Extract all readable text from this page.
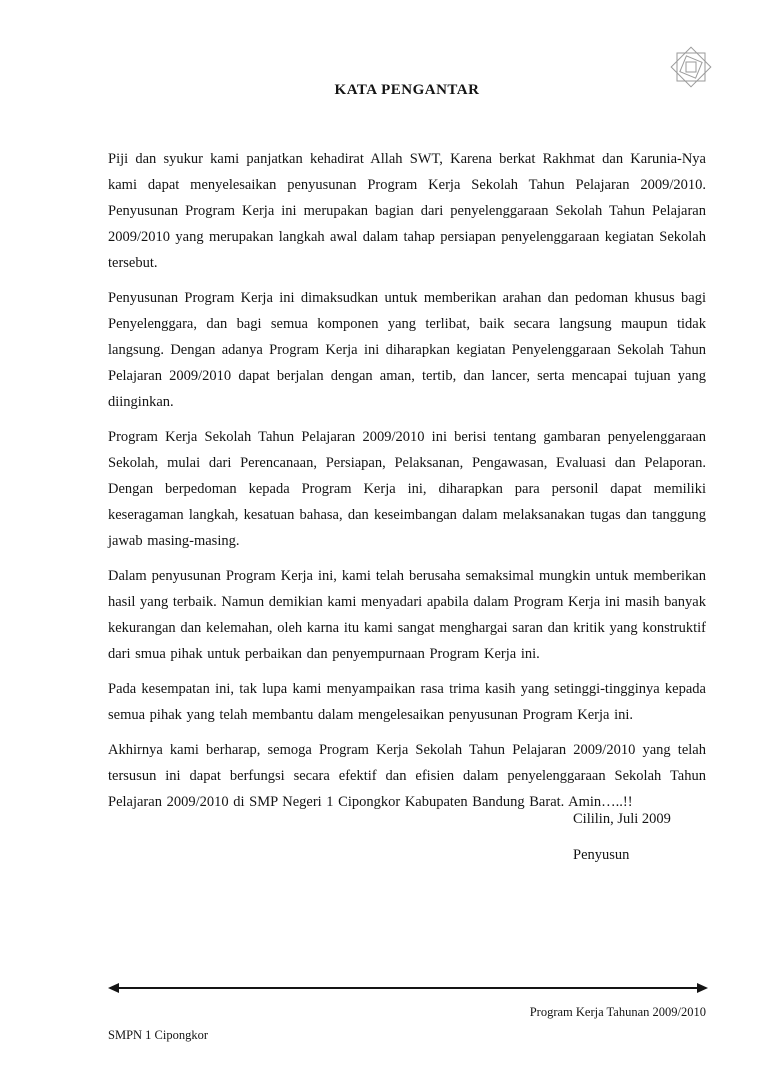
KATA PENGANTAR

Piji dan syukur kami panjatkan kehadirat Allah SWT, Karena berkat Rakhmat dan Karunia-Nya kami dapat menyelesaikan penyusunan Program Kerja Sekolah Tahun Pelajaran 2009/2010. Penyusunan Program Kerja ini merupakan bagian dari penyelenggaraan Sekolah Tahun Pelajaran 2009/2010 yang merupakan langkah awal dalam tahap persiapan penyelenggaraan kegiatan Sekolah tersebut.

Penyusunan Program Kerja ini dimaksudkan untuk memberikan arahan dan pedoman khusus bagi Penyelenggara, dan bagi semua komponen yang terlibat, baik secara langsung maupun tidak langsung. Dengan adanya Program Kerja ini diharapkan kegiatan Penyelenggaraan Sekolah Tahun Pelajaran 2009/2010 dapat berjalan dengan aman, tertib, dan lancer, serta mencapai tujuan yang diinginkan.

Program Kerja Sekolah Tahun Pelajaran 2009/2010 ini berisi tentang gambaran penyelenggaraan Sekolah, mulai dari Perencanaan, Persiapan, Pelaksanan, Pengawasan, Evaluasi dan Pelaporan. Dengan berpedoman kepada Program Kerja ini, diharapkan para personil dapat memiliki keseragaman langkah, kesatuan bahasa, dan keseimbangan dalam melaksanakan tugas dan tanggung jawab masing-masing.

Dalam penyusunan Program Kerja ini, kami telah berusaha semaksimal mungkin untuk memberikan hasil yang terbaik. Namun demikian kami menyadari apabila dalam Program Kerja ini masih banyak kekurangan dan kelemahan, oleh karna itu kami sangat menghargai saran dan kritik yang konstruktif dari smua pihak untuk perbaikan dan penyempurnaan Program Kerja ini.

Pada kesempatan ini, tak lupa kami menyampaikan rasa trima kasih yang setinggi-tingginya kepada semua pihak yang telah membantu dalam mengelesaikan penyusunan Program Kerja ini.

Akhirnya kami berharap, semoga Program Kerja Sekolah Tahun Pelajaran 2009/2010 yang telah tersusun ini dapat berfungsi secara efektif dan efisien dalam penyelenggaraan Sekolah Tahun Pelajaran 2009/2010 di SMP Negeri 1 Cipongkor Kabupaten Bandung Barat. Amin…..!!

Cililin, Juli 2009
Penyusun
Program Kerja Tahunan 2009/2010
SMPN 1 Cipongkor
